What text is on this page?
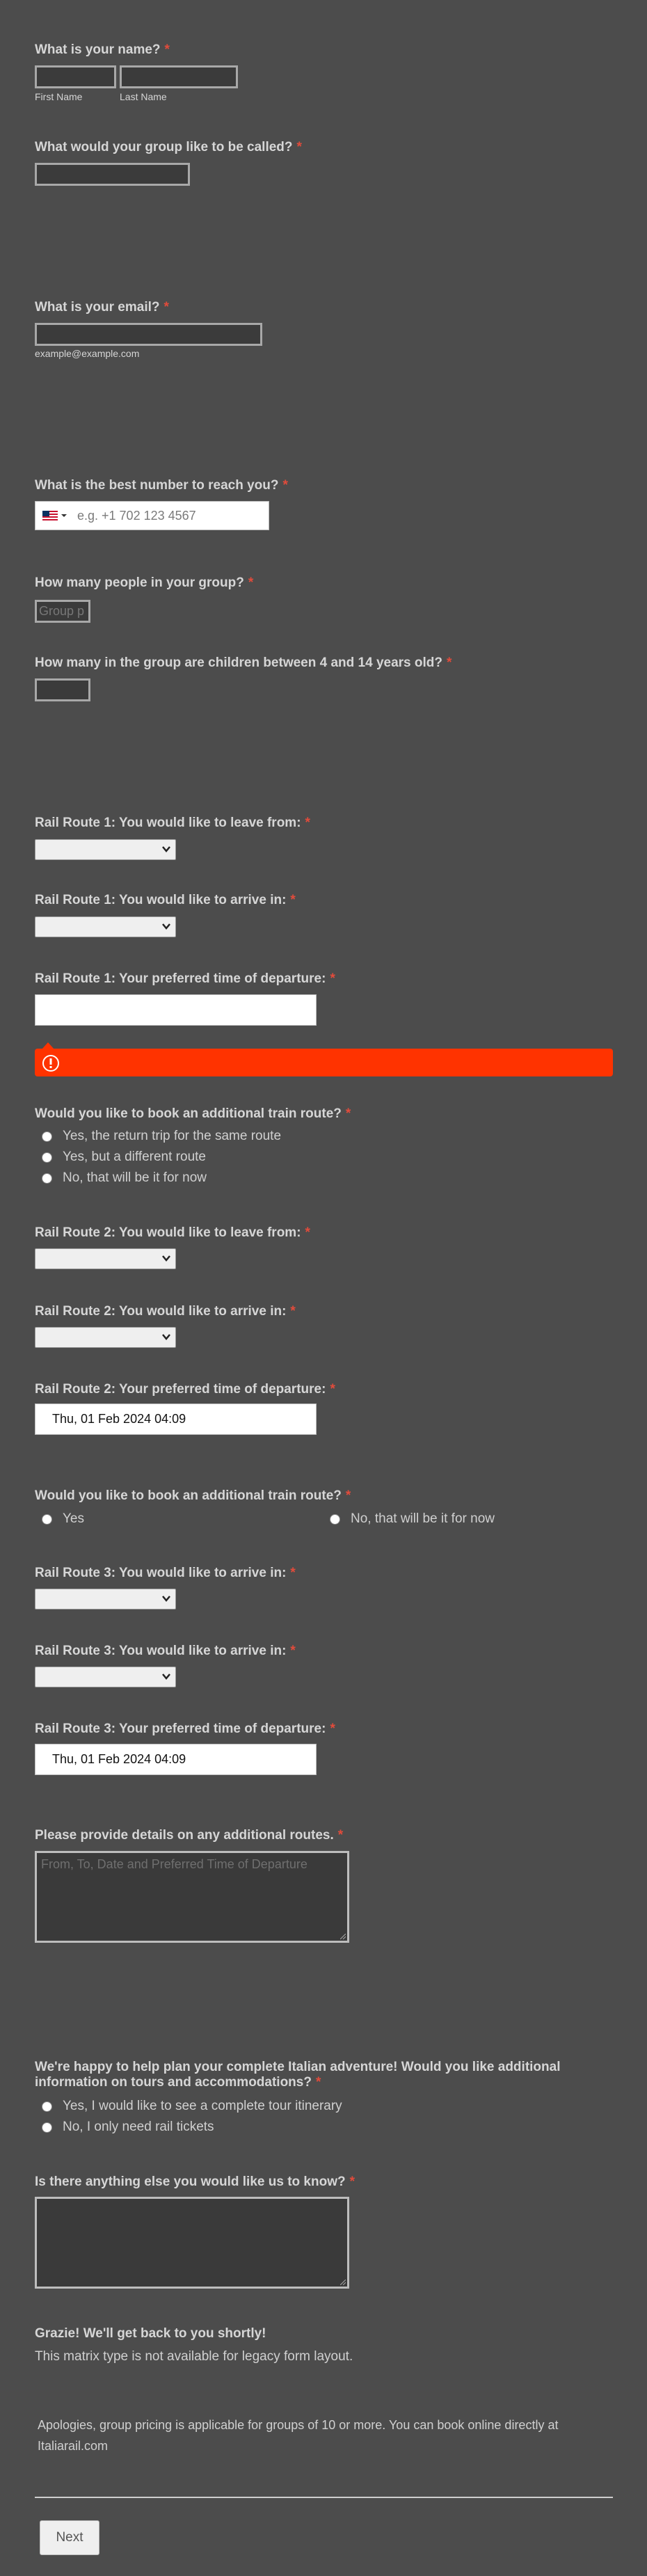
What is your name? *
First Name	Last Name
What would your group like to be called? *
What is your email? *
example@example.com
What is the best number to reach you? *
e.g. +1 702 123 4567
How many people in your group? *
Group p
How many in the group are children between 4 and 14 years old? *
Rail Route 1: You would like to leave from: *
Rail Route 1: You would like to arrive in: *
Rail Route 1: Your preferred time of departure: *
Would you like to book an additional train route? *
Yes, the return trip for the same route
Yes, but a different route
No, that will be it for now
Rail Route 2: You would like to leave from: *
Rail Route 2: You would like to arrive in: *
Rail Route 2: Your preferred time of departure: *
Thu, 01 Feb 2024 04:09
Would you like to book an additional train route? *
Yes	No, that will be it for now
Rail Route 3: You would like to arrive in: *
Rail Route 3: You would like to arrive in: *
Rail Route 3: Your preferred time of departure: *
Thu, 01 Feb 2024 04:09
Please provide details on any additional routes. *
From, To, Date and Preferred Time of Departure
We're happy to help plan your complete Italian adventure! Would you like additional information on tours and accommodations? *
Yes, I would like to see a complete tour itinerary
No, I only need rail tickets
Is there anything else you would like us to know? *
Grazie! We'll get back to you shortly!
This matrix type is not available for legacy form layout.
Apologies, group pricing is applicable for groups of 10 or more. You can book online directly at Italiarail.com
Next
